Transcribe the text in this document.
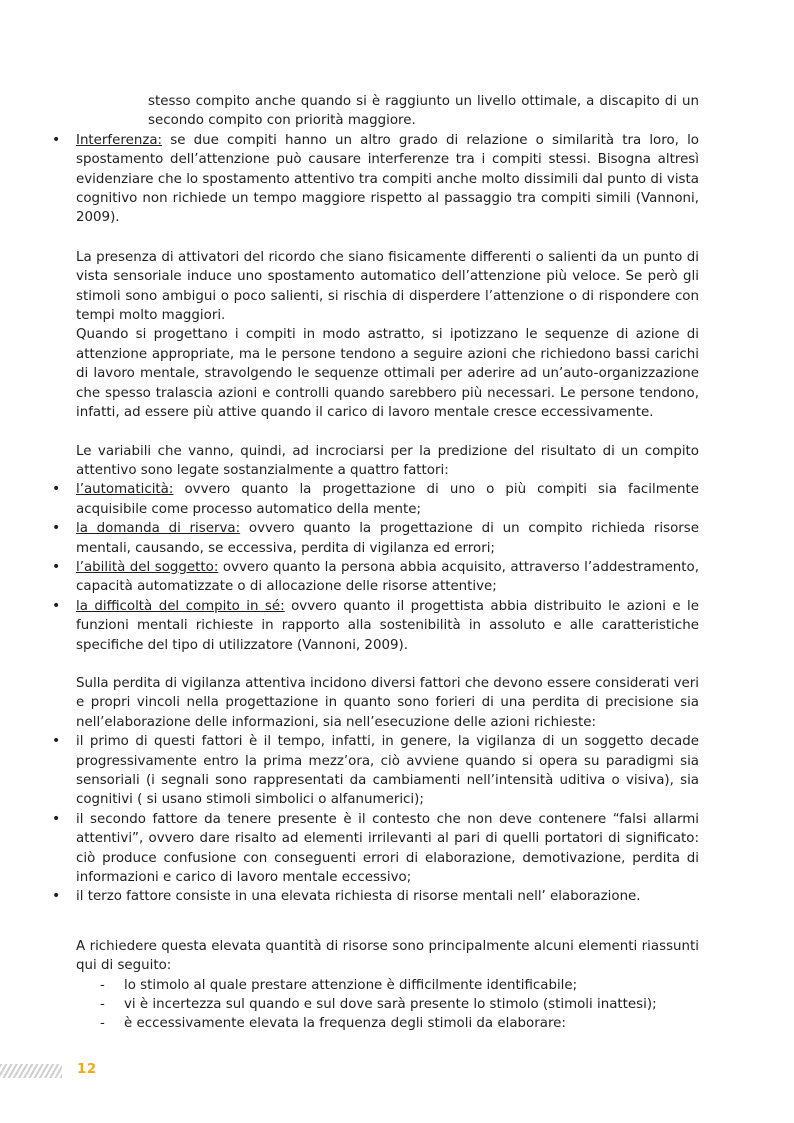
stesso compito anche quando si è raggiunto un livello ottimale, a discapito di un secondo compito con priorità maggiore.

• Interferenza: se due compiti hanno un altro grado di relazione o similarità tra loro, lo spostamento dell’attenzione può causare interferenze tra i compiti stessi. Bisogna altresì evidenziare che lo spostamento attentivo tra compiti anche molto dissimili dal punto di vista cognitivo non richiede un tempo maggiore rispetto al passaggio tra compiti simili (Vannoni, 2009).

La presenza di attivatori del ricordo che siano fisicamente differenti o salienti da un punto di vista sensoriale induce uno spostamento automatico dell’attenzione più veloce. Se però gli stimoli sono ambigui o poco salienti, si rischia di disperdere l’attenzione o di rispondere con tempi molto maggiori.

Quando si progettano i compiti in modo astratto, si ipotizzano le sequenze di azione di attenzione appropriate, ma le persone tendono a seguire azioni che richiedono bassi carichi di lavoro mentale, stravolgendo le sequenze ottimali per aderire ad un’auto-organizzazione che spesso tralascia azioni e controlli quando sarebbero più necessari. Le persone tendono, infatti, ad essere più attive quando il carico di lavoro mentale cresce eccessivamente.

Le variabili che vanno, quindi, ad incrociarsi per la predizione del risultato di un compito attentivo sono legate sostanzialmente a quattro fattori:

• l’automaticità: ovvero quanto la progettazione di uno o più compiti sia facilmente acquisibile come processo automatico della mente;
• la domanda di riserva: ovvero quanto la progettazione di un compito richieda risorse mentali, causando, se eccessiva, perdita di vigilanza ed errori;
• l’abilità del soggetto: ovvero quanto la persona abbia acquisito, attraverso l’addestramento, capacità automatizzate o di allocazione delle risorse attentive;
• la difficoltà del compito in sé: ovvero quanto il progettista abbia distribuito le azioni e le funzioni mentali richieste in rapporto alla sostenibilità in assoluto e alle caratteristiche specifiche del tipo di utilizzatore (Vannoni, 2009).

Sulla perdita di vigilanza attentiva incidono diversi fattori che devono essere considerati veri e propri vincoli nella progettazione in quanto sono forieri di una perdita di precisione sia nell’elaborazione delle informazioni, sia nell’esecuzione delle azioni richieste:

• il primo di questi fattori è il tempo, infatti, in genere, la vigilanza di un soggetto decade progressivamente entro la prima mezz’ora, ciò avviene quando si opera su paradigmi sia sensoriali (i segnali sono rappresentati da cambiamenti nell’intensità uditiva o visiva), sia cognitivi ( si usano stimoli simbolici o alfanumerici);
• il secondo fattore da tenere presente è il contesto che non deve contenere “falsi allarmi attentivi”, ovvero dare risalto ad elementi irrilevanti al pari di quelli portatori di significato: ciò produce confusione con conseguenti errori di elaborazione, demotivazione, perdita di informazioni e carico di lavoro mentale eccessivo;
• il terzo fattore consiste in una elevata richiesta di risorse mentali nell’ elaborazione.

A richiedere questa elevata quantità di risorse sono principalmente alcuni elementi riassunti qui di seguito:

- lo stimolo al quale prestare attenzione è difficilmente identificabile;
- vi è incertezza sul quando e sul dove sarà presente lo stimolo (stimoli inattesi);
- è eccessivamente elevata la frequenza degli stimoli da elaborare:
12
